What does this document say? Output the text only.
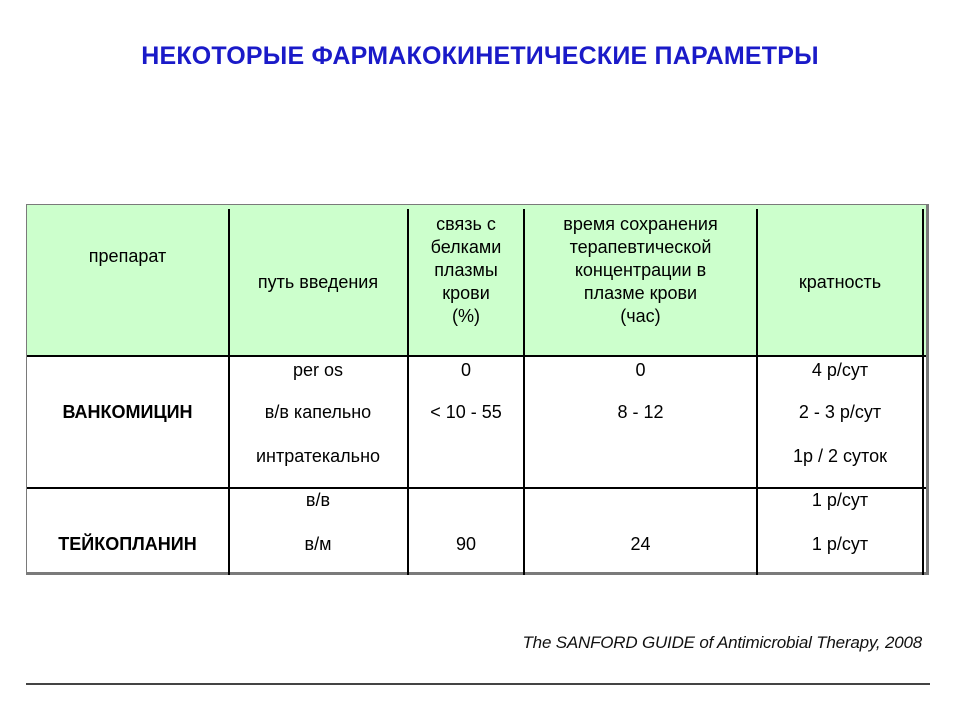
НЕКОТОРЫЕ ФАРМАКОКИНЕТИЧЕСКИЕ ПАРАМЕТРЫ
препарат
путь введения
связь с
белками
плазмы
крови
(%)
время сохранения
терапевтической
концентрации в
плазме крови
(час)
кратность
ВАНКОМИЦИН
per os
в/в капельно
интратекально
0
< 10 - 55
0
8 - 12
4 р/сут
2 - 3 р/сут
1р / 2 суток
ТЕЙКОПЛАНИН
в/в
в/м	90	24
1 р/сут
1 р/сут
The SANFORD GUIDE of Antimicrobial Therapy, 2008
